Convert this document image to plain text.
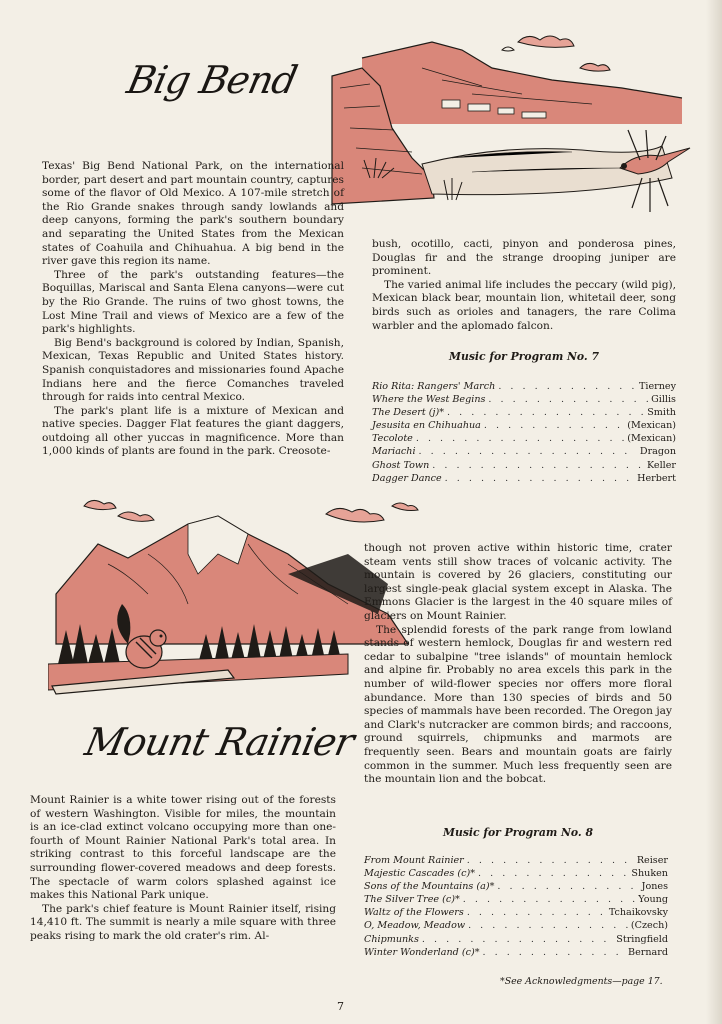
Big Bend

Texas' Big Bend National Park, on the international border, part desert and part mountain country, captures some of the flavor of Old Mexico. A 107-mile stretch of the Rio Grande snakes through sandy lowlands and deep canyons, forming the park's southern boundary and separating the United States from the Mexican states of Coahuila and Chihuahua. A big bend in the river gave this region its name.

Three of the park's outstanding features—the Boquillas, Mariscal and Santa Elena canyons—were cut by the Rio Grande. The ruins of two ghost towns, the Lost Mine Trail and views of Mexico are a few of the park's highlights.

Big Bend's background is colored by Indian, Spanish, Mexican, Texas Republic and United States history. Spanish conquistadores and missionaries found Apache Indians here and the fierce Comanches traveled through for raids into central Mexico.

The park's plant life is a mixture of Mexican and native species. Dagger Flat features the giant daggers, outdoing all other yuccas in magnificence. More than 1,000 kinds of plants are found in the park. Creosote-

bush, ocotillo, cacti, pinyon and ponderosa pines, Douglas fir and the strange drooping juniper are prominent.

The varied animal life includes the peccary (wild pig), Mexican black bear, mountain lion, whitetail deer, song birds such as orioles and tanagers, the rare Colima warbler and the aplomado falcon.

Music for Program No. 7
Rio Rita: Rangers' March . . .	Tierney
Where the West Begins . . .	Gillis
The Desert (j)* . . .	Smith
Jesusita en Chihuahua . . .	(Mexican)
Tecolote . . .	(Mexican)
Mariachi . . .	Dragon
Ghost Town . . .	Keller
Dagger Dance . . .	Herbert
Mount Rainier

Mount Rainier is a white tower rising out of the forests of western Washington. Visible for miles, the mountain is an ice-clad extinct volcano occupying more than one-fourth of Mount Rainier National Park's total area. In striking contrast to this forceful landscape are the surrounding flower-covered meadows and deep forests. The spectacle of warm colors splashed against ice makes this National Park unique.

The park's chief feature is Mount Rainier itself, rising 14,410 ft. The summit is nearly a mile square with three peaks rising to mark the old crater's rim. Al-

though not proven active within historic time, crater steam vents still show traces of volcanic activity. The mountain is covered by 26 glaciers, constituting our largest single-peak glacial system except in Alaska. The Emmons Glacier is the largest in the 40 square miles of glaciers on Mount Rainier.

The splendid forests of the park range from lowland stands of western hemlock, Douglas fir and western red cedar to subalpine "tree islands" of mountain hemlock and alpine fir. Probably no area excels this park in the number of wild-flower species nor offers more floral abundance. More than 130 species of birds and 50 species of mammals have been recorded. The Oregon jay and Clark's nutcracker are common birds; and raccoons, ground squirrels, chipmunks and marmots are frequently seen. Bears and mountain goats are fairly common in the summer. Much less frequently seen are the mountain lion and the bobcat.

Music for Program No. 8
From Mount Rainier . . .	Reiser
Majestic Cascades (c)* . . .	Shuken
Sons of the Mountains (a)* . . .	Jones
The Silver Tree (c)* . . .	Young
Waltz of the Flowers . . .	Tchaikovsky
O, Meadow, Meadow . . .	(Czech)
Chipmunks . . .	Stringfield
Winter Wonderland (c)* . . .	Bernard
*See Acknowledgments—page 17.
7
